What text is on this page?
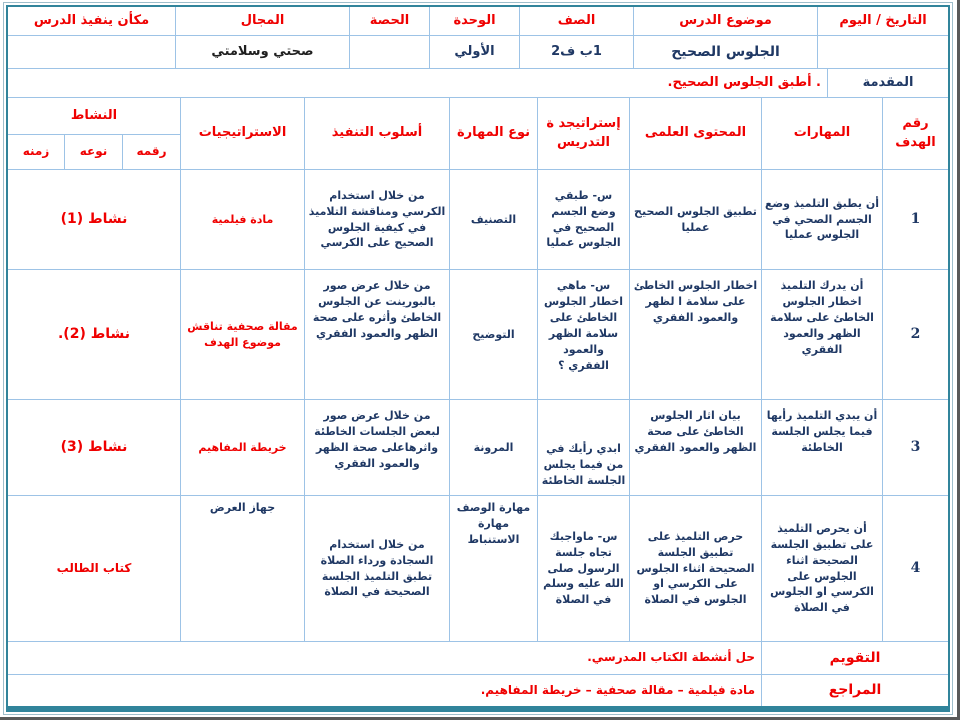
التاريخ / اليوم
موضوع الدرس
الصف
الوحدة
الحصة
المجال
مكأن ينفيذ الدرس
الجلوس الصحيح
1ب ف2
الأولي
صحتي وسلامتي
المقدمة
. أطبق الجلوس الصحيح.
رقم الهدف
المهارات
المحتوى العلمى
إستراتيجد ة التدريس
نوع المهارة
أسلوب التنفيذ
الاستراتيجيات
النشاط
رقمه
نوعه
زمنه
1
أن يطبق التلميذ وضع الجسم الصحي في الجلوس عمليا
تطبيق الجلوس الصحيح عمليا
س- طبقي وضع الجسم الصحيح في الجلوس عمليا
التصنيف
من خلال استخدام الكرسي ومناقشة التلاميذ في كيفية الجلوس الصحيح على الكرسي
مادة فيلمية
نشاط (1)
2
أن يدرك التلميذ اخطار الجلوس الخاطئ على سلامة الظهر والعمود الفقري
اخطار الجلوس الخاطئ على سلامة ا لظهر والعمود الفقري
س- ماهي اخطار الجلوس الخاطئ على سلامة الظهر والعمود الفقري ؟
التوضيح
من خلال عرض صور بالبورينت عن الجلوس الخاطئ وأثره على صحة الظهر والعمود الفقري
مقالة صحفية تناقش موضوع الهدف
نشاط (2).
3
أن يبدي التلميذ رأيها فيما يجلس الجلسة الخاطئة
بيان اثار الجلوس الخاطئ على صحة الظهر والعمود الفقري
ابدي رأيك في من فيما يجلس الجلسة الخاطئة
المرونة
من خلال عرض صور لبعض الجلسات الخاطئة واثرهاعلى صحة الظهر والعمود الفقري
خريطة المفاهيم
نشاط (3)
4
أن يحرص التلميذ على تطبيق الجلسة الصحيحة اثناء الجلوس على الكرسي او الجلوس في الصلاة
حرص التلميذ على تطبيق الجلسة الصحيحة اثناء الجلوس على الكرسي او الجلوس في الصلاة
س- ماواجبك تجاه جلسة الرسول صلى الله عليه وسلم في الصلاة
مهارة الوصف مهارة الاستنباط
من خلال استخدام السجادة ورداء الصلاة تطبق التلميذ الجلسة الصحيحة في الصلاة
جهاز العرض
كتاب الطالب
التقويم
حل أنشطة الكتاب المدرسي.
المراجع
مادة فيلمية – مقالة صحفية – خريطة المفاهيم.
